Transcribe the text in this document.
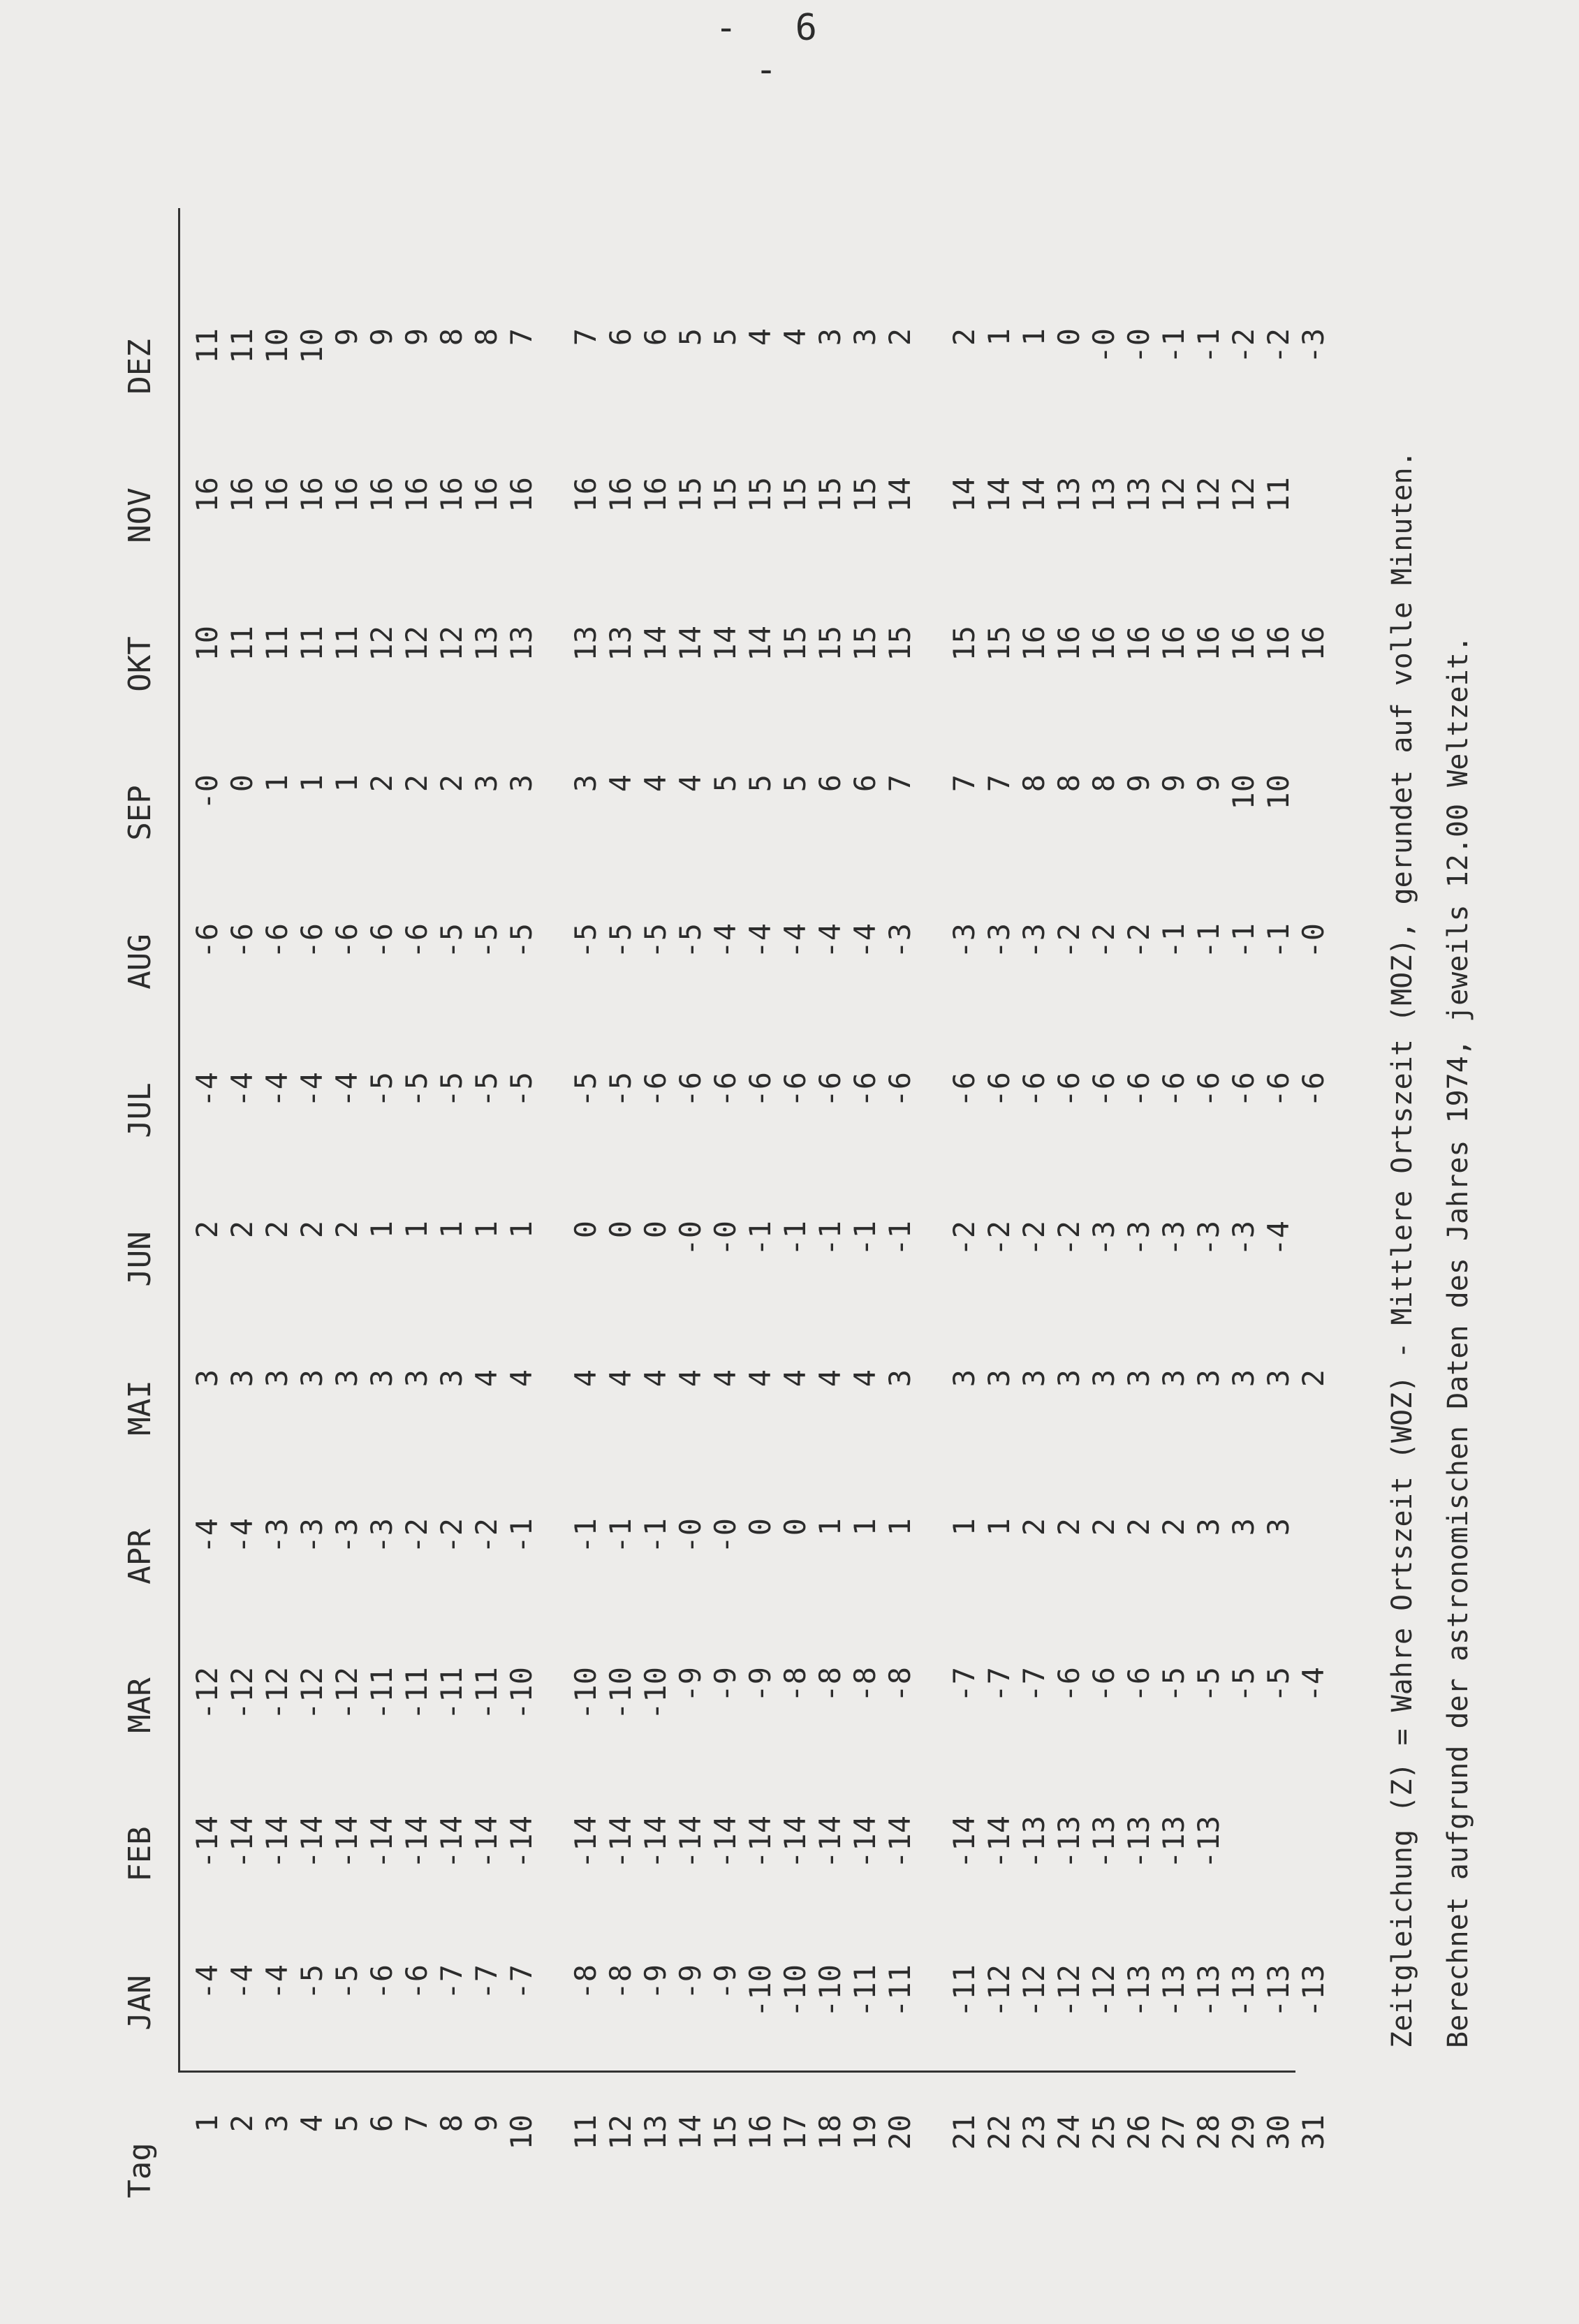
- 6 -
Tag
JAN
FEB
MAR
APR
MAI
JUN
JUL
AUG
SEP
OKT
NOV
DEZ
1 2 3 4 5 6 7 8 9 10 11 12 13 14 15 16 17 18 19 20 21 22 23 24 25 26 27 28 29 30 31
-4 -4 -4 -5 -5 -6 -6 -7 -7 -7 -8 -8 -9 -9 -9 -10 -10 -10 -11 -11 -11 -12 -12 -12 -12 -13 -13 -13 -13 -13 -13
-14 -14 -14 -14 -14 -14 -14 -14 -14 -14 -14 -14 -14 -14 -14 -14 -14 -14 -14 -14 -14 -14 -13 -13 -13 -13 -13 -13
-12 -12 -12 -12 -12 -11 -11 -11 -11 -10 -10 -10 -10 -9 -9 -9 -8 -8 -8 -8 -7 -7 -7 -6 -6 -6 -5 -5 -5 -5 -4
-4 -4 -3 -3 -3 -3 -2 -2 -2 -1 -1 -1 -1 -0 -0 0 0 1 1 1 1 1 2 2 2 2 2 3 3 3
3 3 3 3 3 3 3 3 4 4 4 4 4 4 4 4 4 4 4 3 3 3 3 3 3 3 3 3 3 3 2
2 2 2 2 2 1 1 1 1 1 0 0 0 -0 -0 -1 -1 -1 -1 -1 -2 -2 -2 -2 -3 -3 -3 -3 -3 -4
-4 -4 -4 -4 -4 -5 -5 -5 -5 -5 -5 -5 -6 -6 -6 -6 -6 -6 -6 -6 -6 -6 -6 -6 -6 -6 -6 -6 -6 -6 -6
-6 -6 -6 -6 -6 -6 -6 -5 -5 -5 -5 -5 -5 -5 -4 -4 -4 -4 -4 -3 -3 -3 -3 -2 -2 -2 -1 -1 -1 -1 -0
-0 0 1 1 1 2 2 2 3 3 3 4 4 4 5 5 5 6 6 7 7 7 8 8 8 9 9 9 10 10
10 11 11 11 11 12 12 12 13 13 13 13 14 14 14 14 15 15 15 15 15 15 16 16 16 16 16 16 16 16 16
16 16 16 16 16 16 16 16 16 16 16 16 16 15 15 15 15 15 15 14 14 14 14 13 13 13 12 12 12 11
11 11 10 10 9 9 9 8 8 7 7 6 6 5 5 4 4 3 3 2 2 1 1 0 -0 -0 -1 -1 -2 -2 -3
Zeitgleichung (Z) = Wahre Ortszeit (WOZ) - Mittlere Ortszeit (MOZ), gerundet auf volle Minuten. Berechnet aufgrund der astronomischen Daten des Jahres 1974, jeweils 12.00 Weltzeit.
